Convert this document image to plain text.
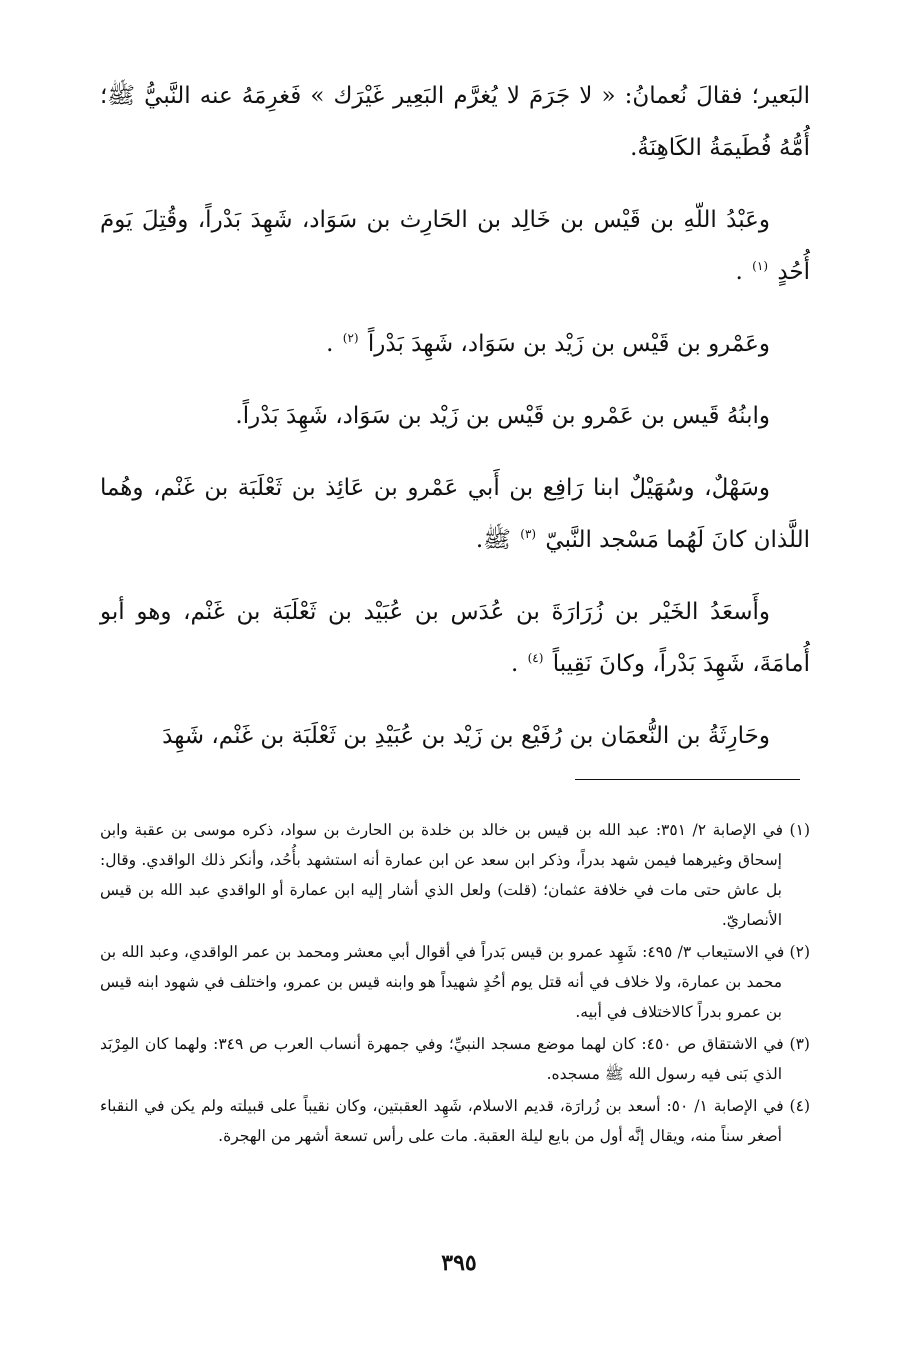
البَعير؛ فقالَ نُعمانُ: « لا جَرَمَ لا يُغرَّم البَعِير غَيْرَك » فَغرِمَهُ عنه النَّبيُّ ﷺ؛ أُمُّهُ فُطَيمَةُ الكَاهِنَةُ.

وعَبْدُ اللّهِ بن قَيْس بن خَالِد بن الحَارِث بن سَوَاد، شَهِدَ بَدْراً، وقُتِلَ يَومَ أُحُدٍ $^{(١)}$ .

وعَمْرو بن قَيْس بن زَيْد بن سَوَاد، شَهِدَ بَدْراً $^{(٢)}$ .

وابنُهُ قَيس بن عَمْرو بن قَيْس بن زَيْد بن سَوَاد، شَهِدَ بَدْراً.

وسَهْلٌ، وسُهَيْلٌ ابنا رَافِع بن أَبي عَمْرو بن عَائِذ بن ثَعْلَبَة بن غَنْم، وهُما اللَّذان كانَ لَهُما مَسْجد النَّبيّ $^{(٣)}$ ﷺ.

وأَسعَدُ الخَيْر بن زُرَارَةَ بن عُدَس بن عُبَيْد بن ثَعْلَبَة بن غَنْم، وهو أبو أُمامَةَ، شَهِدَ بَدْراً، وكانَ نَقِيباً $^{(٤)}$ .

وحَارِثَةُ بن النُّعمَان بن رُفَيْع بن زَيْد بن عُبَيْدِ بن ثَعْلَبَة بن غَنْم، شَهِدَ

(١) في الإصابة ٢/ ٣٥١: عبد الله بن قيس بن خالد بن خلدة بن الحارث بن سواد، ذكره موسى بن عقبة وابن إسحاق وغيرهما فيمن شهد بدراً، وذكر ابن سعد عن ابن عمارة أنه استشهد بأُحُد، وأنكر ذلك الواقدي. وقال: بل عاش حتى مات في خلافة عثمان؛ (قلت) ولعل الذي أشار إليه ابن عمارة أو الواقدي عبد الله بن قيس الأنصاريّ.
(٢) في الاستيعاب ٣/ ٤٩٥: شَهِد عمرو بن قيس بَدراً في أقوال أبي معشر ومحمد بن عمر الواقدي، وعبد الله بن محمد بن عمارة، ولا خلاف في أنه قتل يوم أحُدٍ شهيداً هو وابنه قيس بن عمرو، واختلف في شهود ابنه قيس بن عمرو بدراً كالاختلاف في أبيه.
(٣) في الاشتقاق ص ٤٥٠: كان لهما موضع مسجد النبيِّ؛ وفي جمهرة أنساب العرب ص ٣٤٩: ولهما كان المِرْبَد الذي بَنى فيه رسول الله ﷺ مسجده.
(٤) في الإصابة ١/ ٥٠: أسعد بن زُرارَة، قديم الاسلام، شَهِد العقبتين، وكان نقيباً على قبيلته ولم يكن في النقباء أصغر سناً منه، ويقال إنَّه أول من بايع ليلة العقبة. مات على رأس تسعة أشهر من الهجرة.
٣٩٥
